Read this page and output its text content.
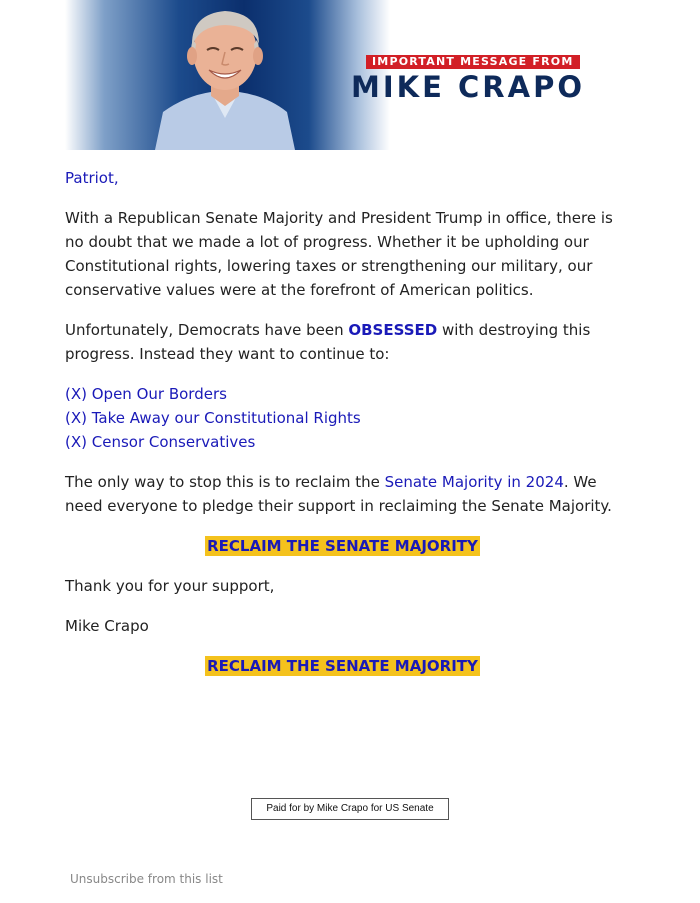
IMPORTANT MESSAGE FROM
MIKE CRAPO

Patriot,

With a Republican Senate Majority and President Trump in office, there is no doubt that we made a lot of progress. Whether it be upholding our Constitutional rights, lowering taxes or strengthening our military, our conservative values were at the forefront of American politics.

Unfortunately, Democrats have been OBSESSED with destroying this progress. Instead they want to continue to:

(X) Open Our Borders
(X) Take Away our Constitutional Rights
(X) Censor Conservatives

The only way to stop this is to reclaim the Senate Majority in 2024. We need everyone to pledge their support in reclaiming the Senate Majority.

RECLAIM THE SENATE MAJORITY

Thank you for your support,

Mike Crapo

RECLAIM THE SENATE MAJORITY
Paid for by Mike Crapo for US Senate
Unsubscribe from this list
